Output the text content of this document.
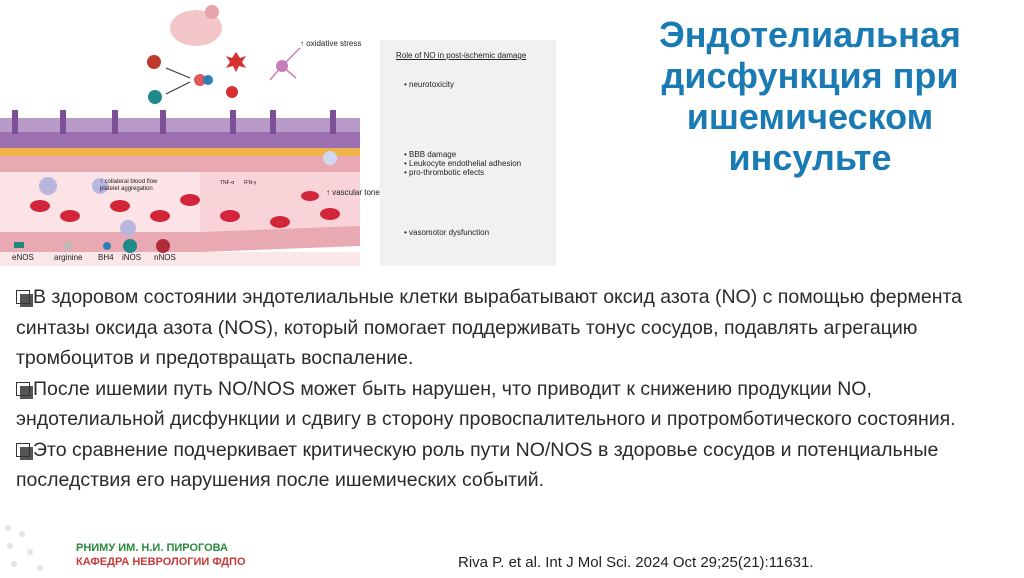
↑ oxidative stress
Role of NO in post-ischemic damage
• neurotoxicity
• BBB damage
• Leukocyte endothelial adhesion
• pro-thrombotic efects
• vasomotor dysfunction
↑ collateral blood flow
platelet aggregation	↑ vascular tone
TNF-α IFN-γ
eNOS	arginine BH4 iNOS nNOS
Эндотелиальная дисфункция при ишемическом инсульте

В здоровом состоянии эндотелиальные клетки вырабатывают оксид азота (NO) с помощью фермента синтазы оксида азота (NOS), который помогает поддерживать тонус сосудов, подавлять агрегацию тромбоцитов и предотвращать воспаление.

После ишемии путь NO/NOS может быть нарушен, что приводит к снижению продукции NO, эндотелиальной дисфункции и сдвигу в сторону провоспалительного и протромботического состояния.

Это сравнение подчеркивает критическую роль пути NO/NOS в здоровье сосудов и потенциальные последствия его нарушения после ишемических событий.

РНИМУ ИМ. Н.И. ПИРОГОВА
КАФЕДРА НЕВРОЛОГИИ ФДПО	Riva P. et al. Int J Mol Sci. 2024 Oct 29;25(21):11631.
